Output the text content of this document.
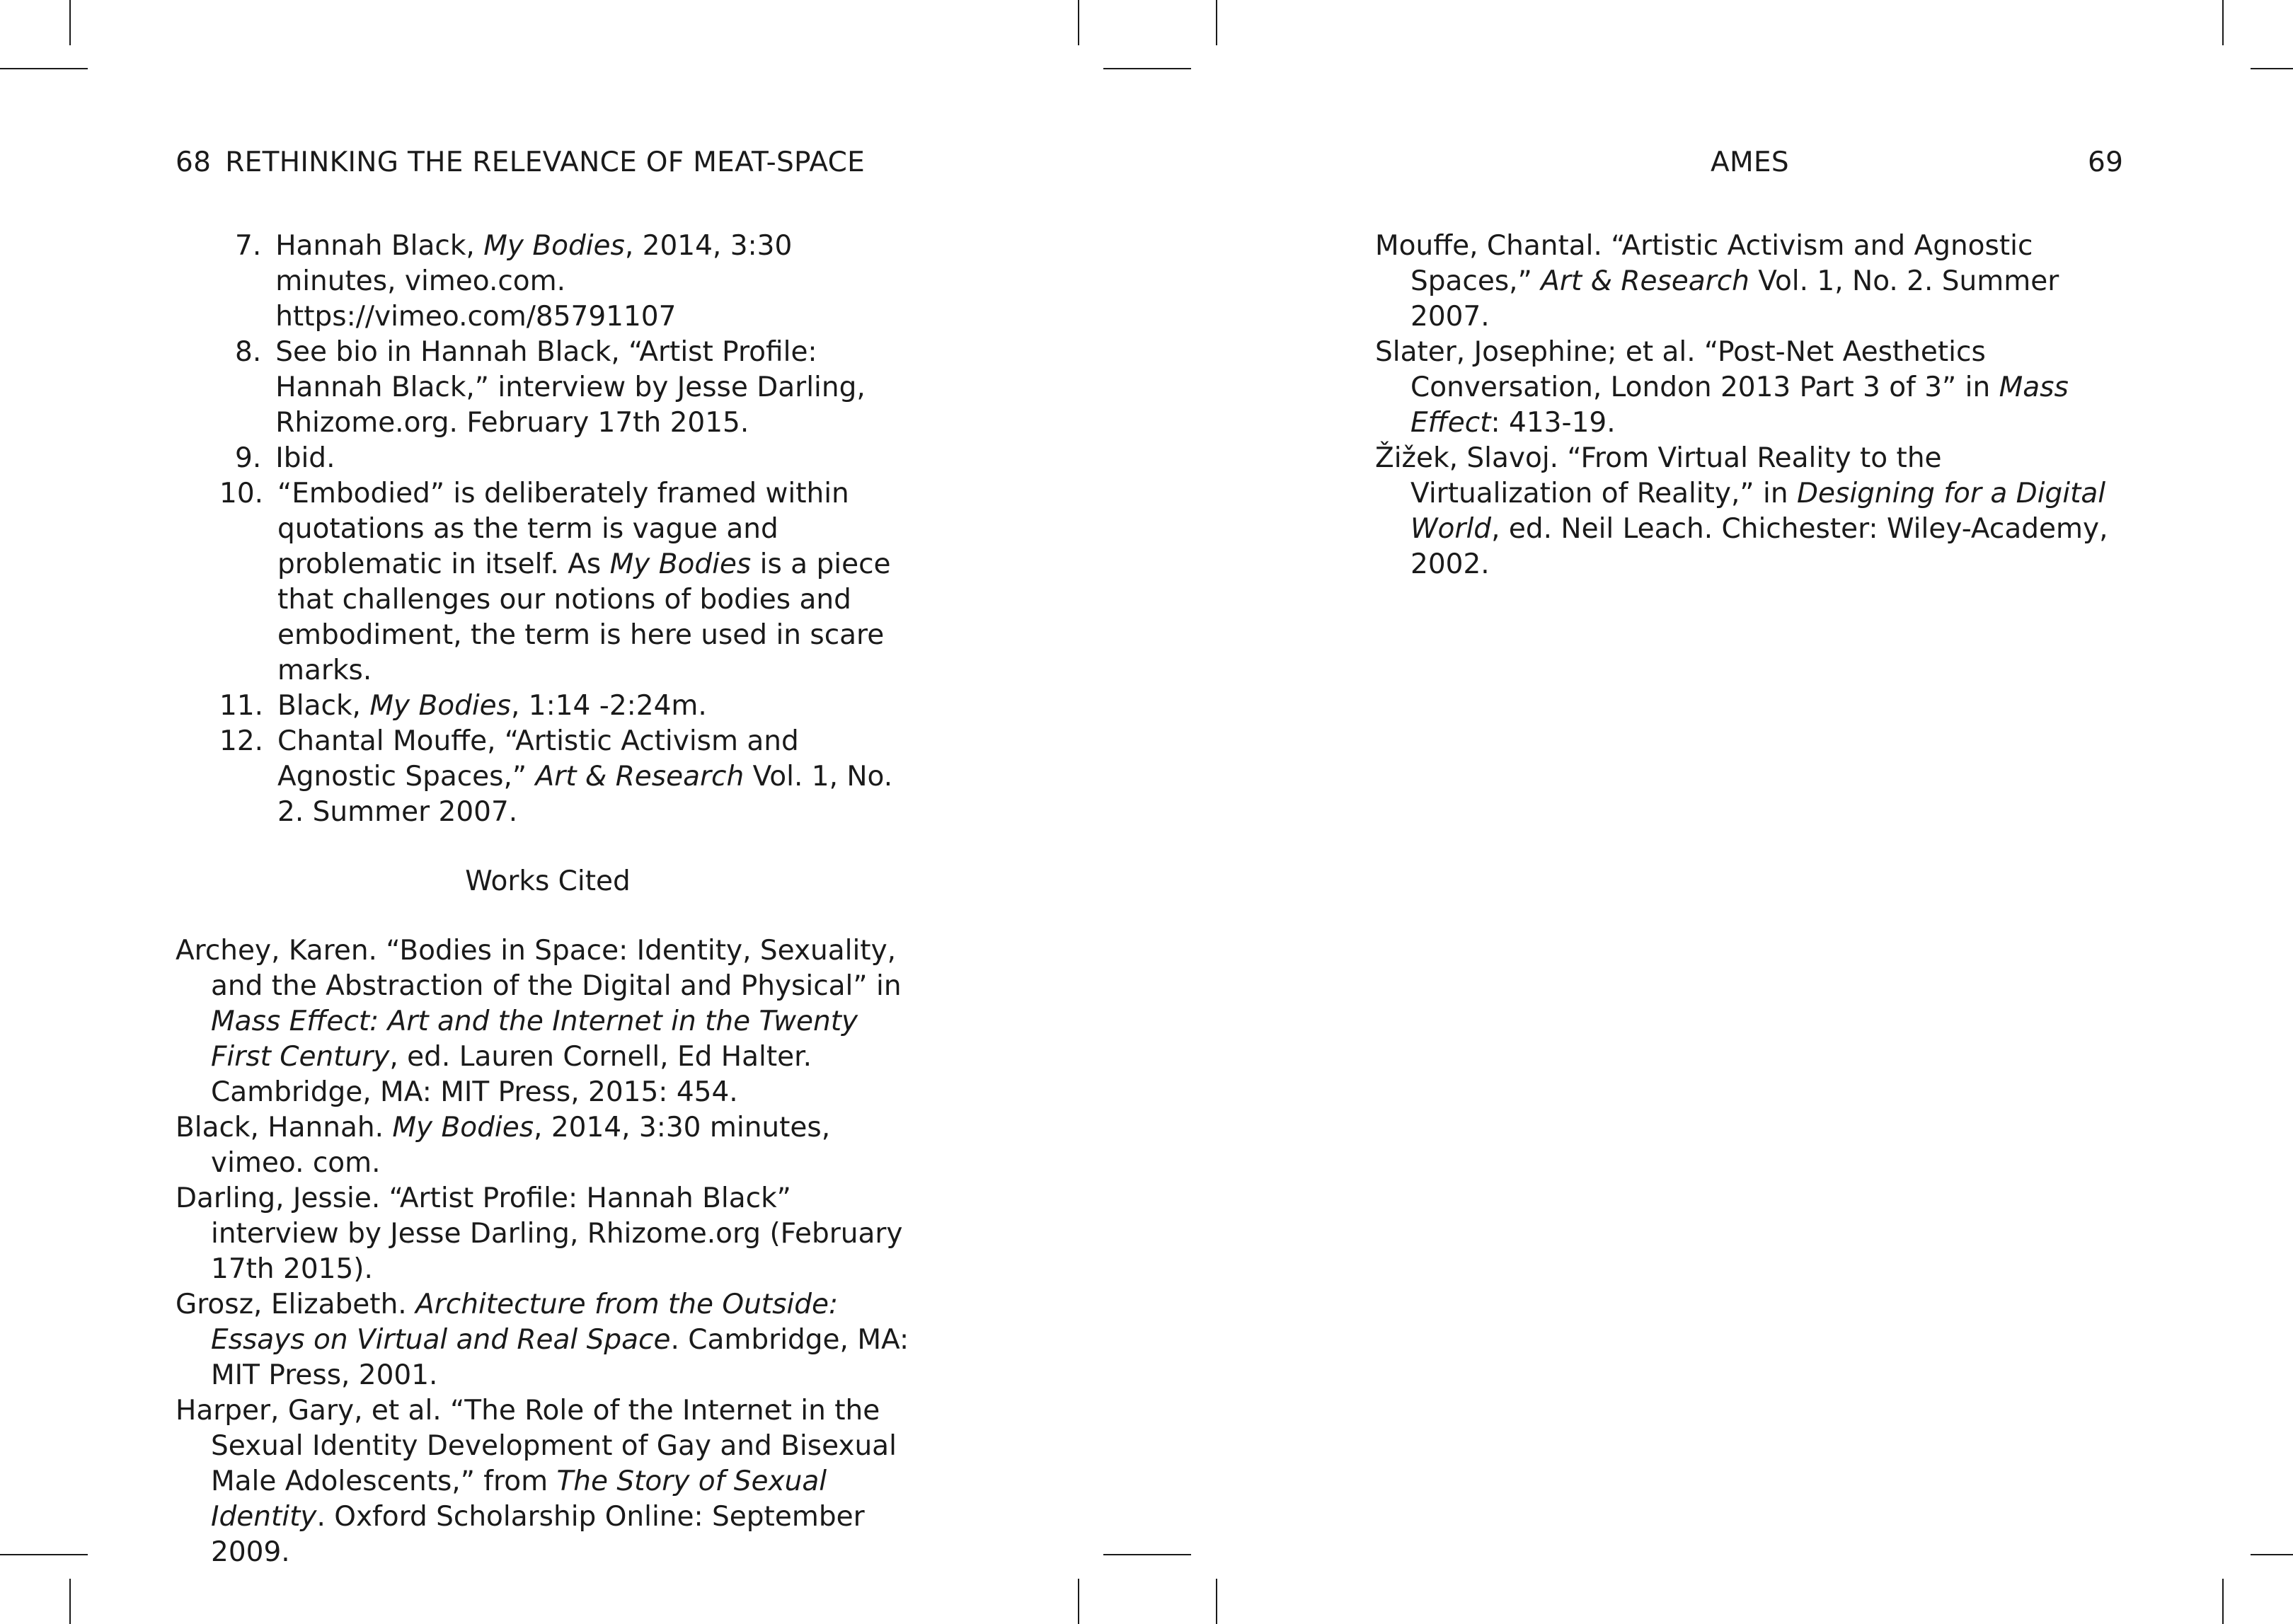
68 RETHINKING THE RELEVANCE OF MEAT-SPACE	AMES	69
7. Hannah Black, My Bodies, 2014, 3:30 minutes, vimeo.com. https://vimeo.com/85791107
8. See bio in Hannah Black, “Artist Profile: Hannah Black,” interview by Jesse Darling, Rhizome.org. February 17th 2015.
9. Ibid.
10. “Embodied” is deliberately framed within quotations as the term is vague and problematic in itself. As My Bodies is a piece that challenges our notions of bodies and embodiment, the term is here used in scare marks.
11. Black, My Bodies, 1:14 -2:24m.
12. Chantal Mouffe, “Artistic Activism and Agnostic Spaces,” Art & Research Vol. 1, No. 2. Summer 2007.
Works Cited
Archey, Karen. “Bodies in Space: Identity, Sexuality, and the Abstraction of the Digital and Physical” in Mass Effect: Art and the Internet in the Twenty First Century, ed. Lauren Cornell, Ed Halter. Cambridge, MA: MIT Press, 2015: 454.
Black, Hannah. My Bodies, 2014, 3:30 minutes, vimeo. com.
Darling, Jessie. “Artist Profile: Hannah Black” interview by Jesse Darling, Rhizome.org (February 17th 2015).
Grosz, Elizabeth. Architecture from the Outside: Essays on Virtual and Real Space. Cambridge, MA: MIT Press, 2001.
Harper, Gary, et al. “The Role of the Internet in the Sexual Identity Development of Gay and Bisexual Male Adolescents,” from The Story of Sexual Identity. Oxford Scholarship Online: September 2009.
Mouffe, Chantal. “Artistic Activism and Agnostic Spaces,” Art & Research Vol. 1, No. 2. Summer 2007.
Slater, Josephine; et al. “Post-Net Aesthetics Conversation, London 2013 Part 3 of 3” in Mass Effect: 413-19.
Žižek, Slavoj. “From Virtual Reality to the Virtualization of Reality,” in Designing for a Digital World, ed. Neil Leach. Chichester: Wiley-Academy, 2002.
